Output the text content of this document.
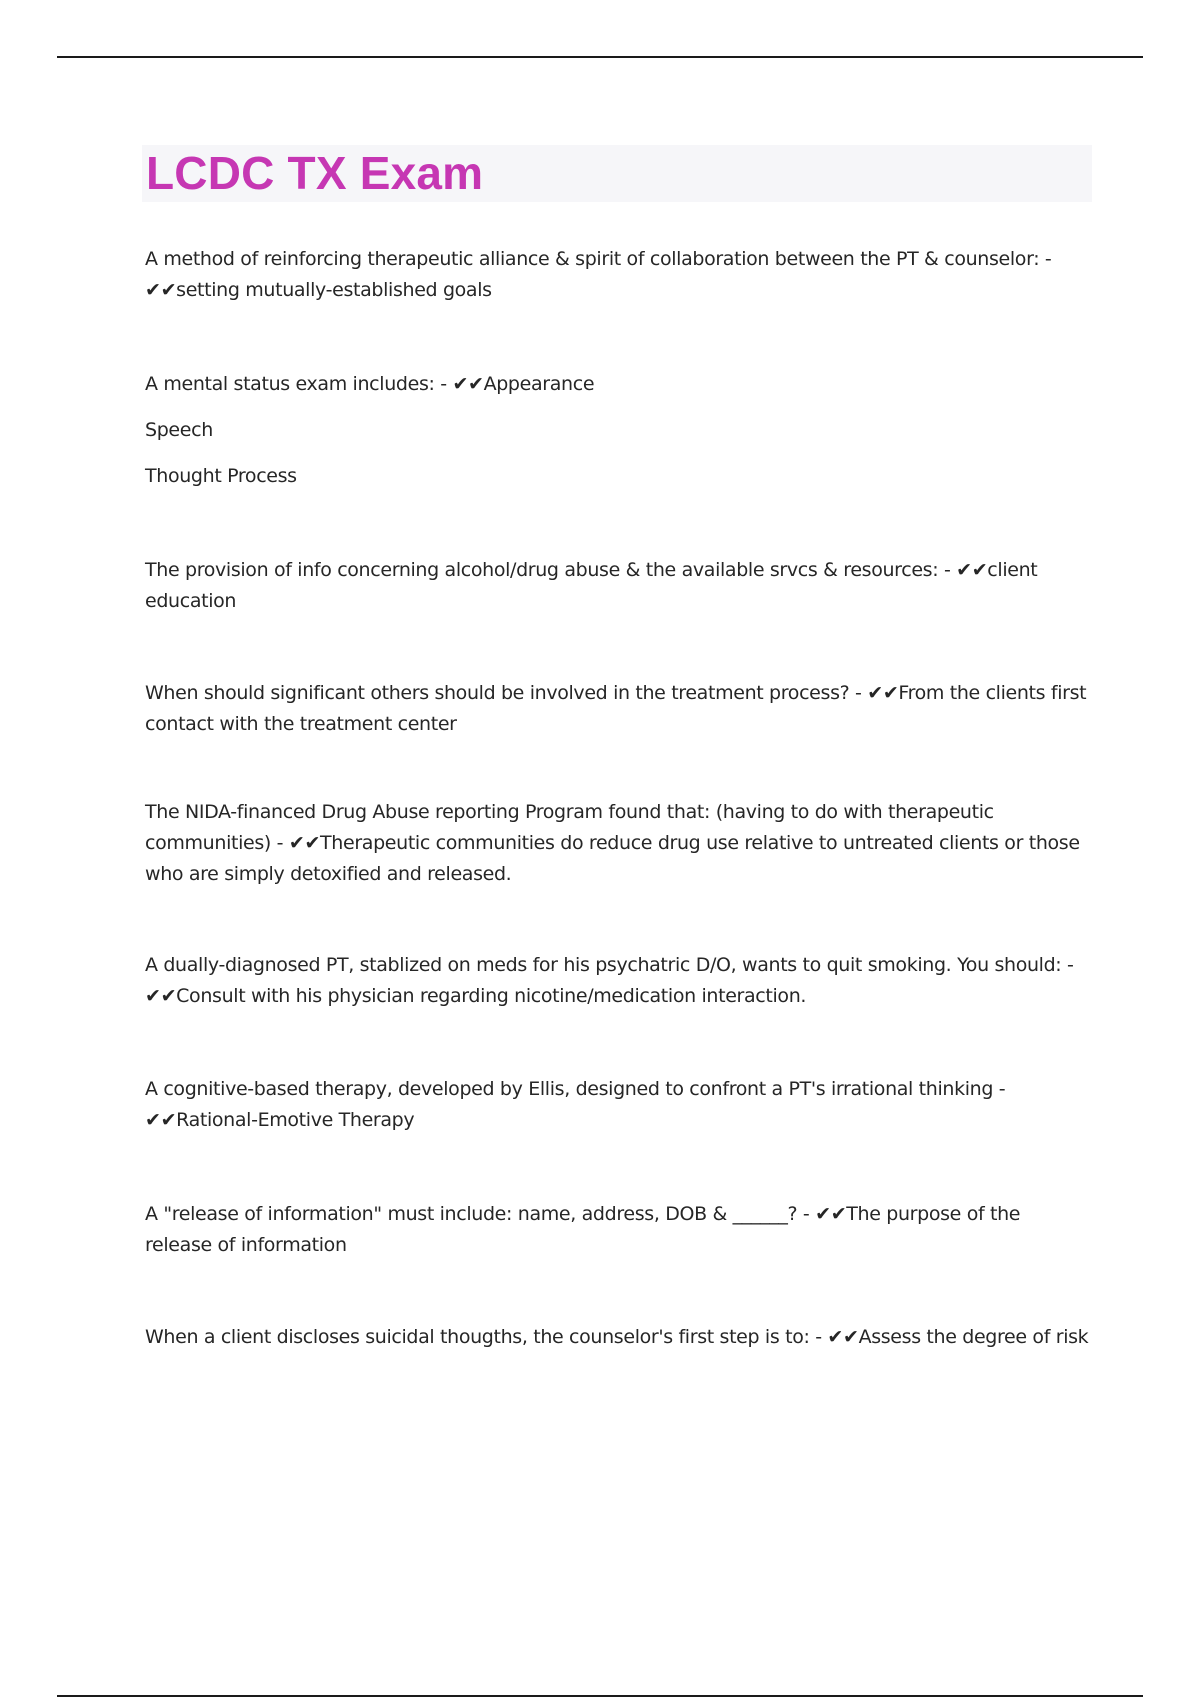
LCDC TX Exam

A method of reinforcing therapeutic alliance & spirit of collaboration between the PT & counselor: -
✔✔setting mutually-established goals

A mental status exam includes: - ✔✔Appearance

Speech
Thought Process

The provision of info concerning alcohol/drug abuse & the available srvcs & resources: - ✔✔client education

When should significant others should be involved in the treatment process? - ✔✔From the clients first contact with the treatment center

The NIDA-financed Drug Abuse reporting Program found that: (having to do with therapeutic communities) - ✔✔Therapeutic communities do reduce drug use relative to untreated clients or those who are simply detoxified and released.

A dually-diagnosed PT, stablized on meds for his psychatric D/O, wants to quit smoking. You should: -
✔✔Consult with his physician regarding nicotine/medication interaction.

A cognitive-based therapy, developed by Ellis, designed to confront a PT's irrational thinking -
✔✔Rational-Emotive Therapy

A "release of information" must include: name, address, DOB & ______? - ✔✔The purpose of the release of information

When a client discloses suicidal thougths, the counselor's first step is to: - ✔✔Assess the degree of risk
